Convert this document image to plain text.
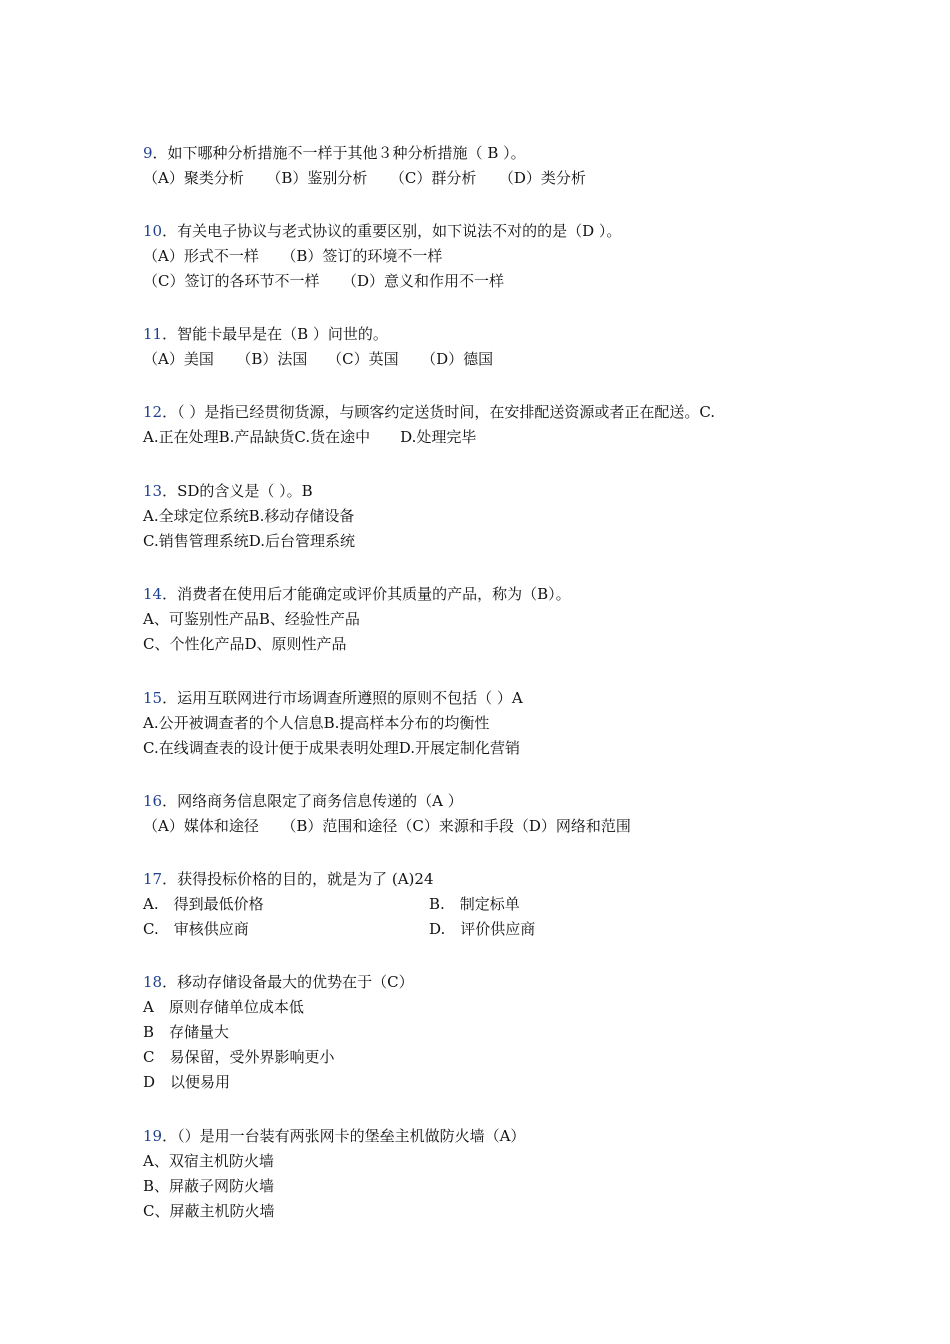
9．如下哪种分析措施不一样于其他３种分析措施（ B ）。
（A）聚类分析　　（B）鉴别分析　　（C）群分析　　（D）类分析
10．有关电子协议与老式协议的重要区别，如下说法不对的的是（D ）。
（A）形式不一样　　（B）签订的环境不一样
（C）签订的各环节不一样　　（D）意义和作用不一样
11．智能卡最早是在（B ）问世的。
（A）美国　　（B）法国　 （C）英国　　（D）德国
12．（ ）是指已经贯彻货源，与顾客约定送货时间，在安排配送资源或者正在配送。C.
A.正在处理B.产品缺货C.货在途中　　D.处理完毕
13．SD的含义是（ ）。B
A.全球定位系统B.移动存储设备
C.销售管理系统D.后台管理系统
14．消费者在使用后才能确定或评价其质量的产品，称为（B）。
A、可鉴别性产品B、经验性产品
C、个性化产品D、原则性产品
15．运用互联网进行市场调查所遵照的原则不包括（ ）A
A.公开被调查者的个人信息B.提高样本分布的均衡性
C.在线调查表的设计便于成果表明处理D.开展定制化营销
16．网络商务信息限定了商务信息传递的（A ）
（A）媒体和途径　　（B）范围和途径（C）来源和手段（D）网络和范围
17．获得投标价格的目的，就是为了 (A)24
A.　得到最低价格	B.　制定标单
C.　审核供应商	D.　评价供应商
18．移动存储设备最大的优势在于（C）
A　原则存储单位成本低
B　存储量大
C　易保留，受外界影响更小
D　以便易用
19．（）是用一台装有两张网卡的堡垒主机做防火墙（A）
A、双宿主机防火墙
B、屏蔽子网防火墙
C、屏蔽主机防火墙
